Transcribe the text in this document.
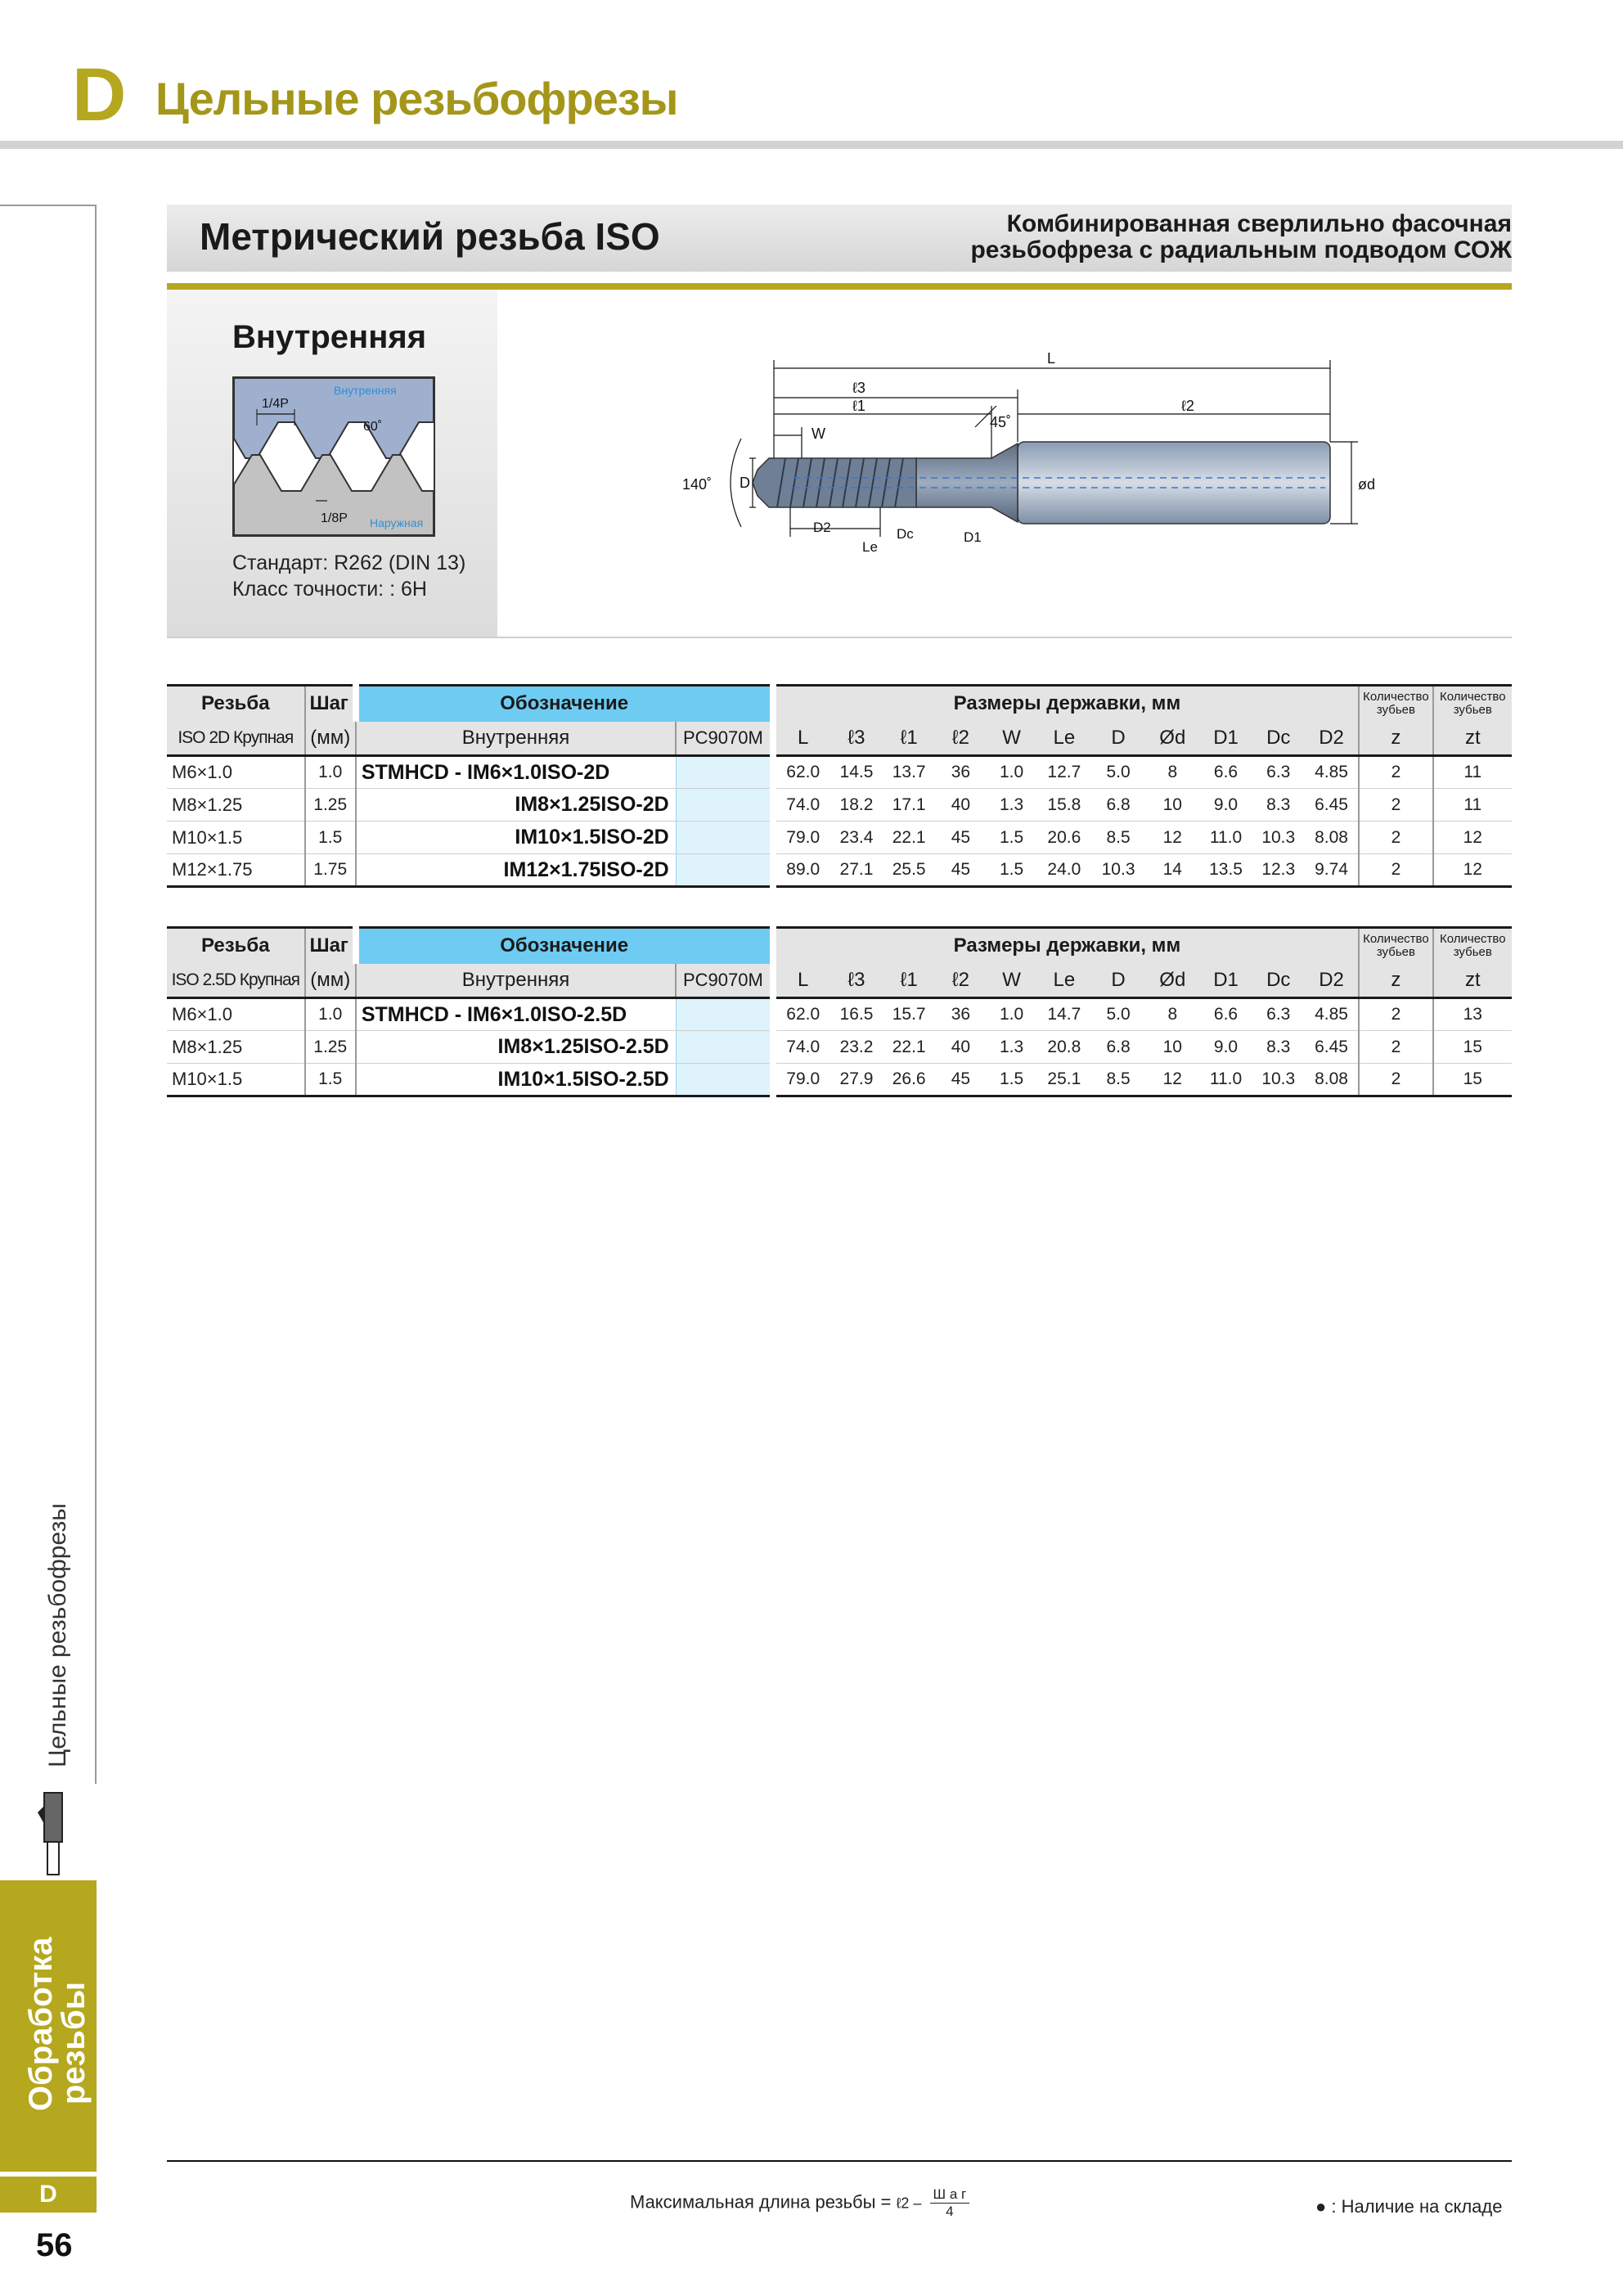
D Цельные резьбофрезы
Цельные резьбофрезы
Обработка
резьбы
D
56
Метрический резьба ISO	Комбинированная сверлильно фасочная
резьбофреза с радиальным подводом СОЖ
Внутренняя
1/4P
Внутренняя
60˚
1/8P Наружная
Стандарт: R262 (DIN 13)
Класс точности: : 6H
L
ℓ3
ℓ1	ℓ2
W
45˚
140˚ D
D2
Le
Dc	D1
ød
Резьба	Шаг	Обозначение		Размеры державки, мм											Количество зубьев	Количество зубьев
ISO 2D Крупная	(мм)	Внутренняя	PC9070M	L	ℓ3	ℓ1	ℓ2	W	Le	D	Ød	D1	Dc	D2	z	zt
M6×1.0	1.0	STMHCD - IM6×1.0ISO-2D		62.0	14.5	13.7	36	1.0	12.7	5.0	8	6.6	6.3	4.85	2	11
M8×1.25	1.25	IM8×1.25ISO-2D		74.0	18.2	17.1	40	1.3	15.8	6.8	10	9.0	8.3	6.45	2	11
M10×1.5	1.5	IM10×1.5ISO-2D		79.0	23.4	22.1	45	1.5	20.6	8.5	12	11.0	10.3	8.08	2	12
M12×1.75	1.75	IM12×1.75ISO-2D		89.0	27.1	25.5	45	1.5	24.0	10.3	14	13.5	12.3	9.74	2	12
Резьба	Шаг	Обозначение		Размеры державки, мм											Количество зубьев	Количество зубьев
ISO 2.5D Крупная	(мм)	Внутренняя	PC9070M	L	ℓ3	ℓ1	ℓ2	W	Le	D	Ød	D1	Dc	D2	z	zt
M6×1.0	1.0	STMHCD - IM6×1.0ISO-2.5D		62.0	16.5	15.7	36	1.0	14.7	5.0	8	6.6	6.3	4.85	2	13
M8×1.25	1.25	IM8×1.25ISO-2.5D		74.0	23.2	22.1	40	1.3	20.8	6.8	10	9.0	8.3	6.45	2	15
M10×1.5	1.5	IM10×1.5ISO-2.5D		79.0	27.9	26.6	45	1.5	25.1	8.5	12	11.0	10.3	8.08	2	15
Максимальная длина резьбы = ℓ2 – $\frac{\text{Ш а г}}{4}$	● : Наличие на складе
